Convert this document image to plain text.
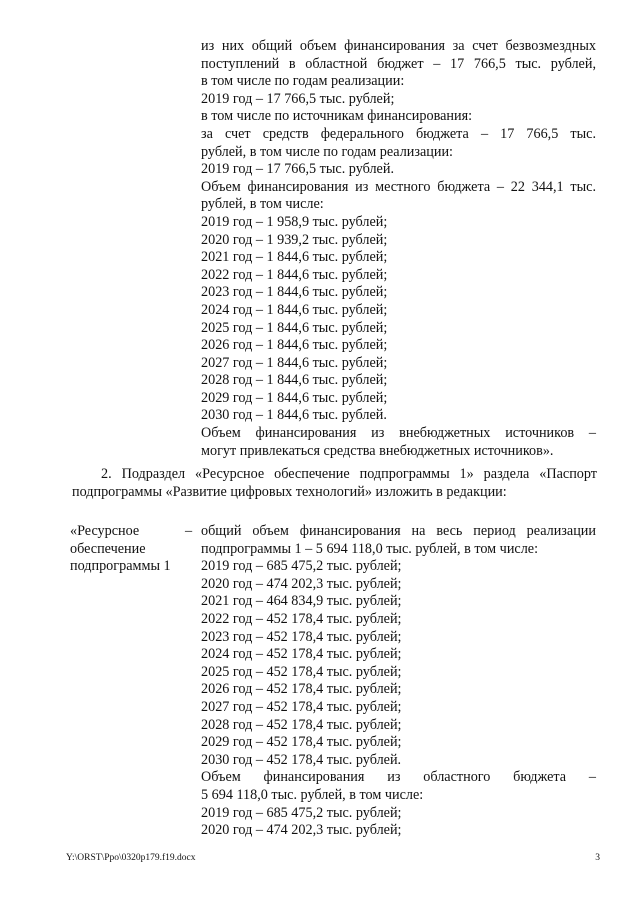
из них общий объем финансирования за счет безвозмездных
поступлений в областной бюджет – 17 766,5 тыс. рублей,
в том числе по годам реализации:
2019 год – 17 766,5 тыс. рублей;
в том числе по источникам финансирования:
за счет средств федерального бюджета – 17 766,5 тыс.
рублей, в том числе по годам реализации:
2019 год – 17 766,5 тыс. рублей.
Объем финансирования из местного бюджета – 22 344,1 тыс.
рублей, в том числе:
2019 год – 1 958,9 тыс. рублей;
2020 год – 1 939,2 тыс. рублей;
2021 год – 1 844,6 тыс. рублей;
2022 год – 1 844,6 тыс. рублей;
2023 год – 1 844,6 тыс. рублей;
2024 год – 1 844,6 тыс. рублей;
2025 год – 1 844,6 тыс. рублей;
2026 год – 1 844,6 тыс. рублей;
2027 год – 1 844,6 тыс. рублей;
2028 год – 1 844,6 тыс. рублей;
2029 год – 1 844,6 тыс. рублей;
2030 год – 1 844,6 тыс. рублей.
Объем финансирования из внебюджетных источников –
могут привлекаться средства внебюджетных источников».
2. Подраздел «Ресурсное обеспечение подпрограммы 1» раздела «Паспорт
подпрограммы «Развитие цифровых технологий» изложить в редакции:
«Ресурсное
обеспечение
подпрограммы 1
– общий объем финансирования на весь период реализации
подпрограммы 1 – 5 694 118,0 тыс. рублей, в том числе:
2019 год – 685 475,2 тыс. рублей;
2020 год – 474 202,3 тыс. рублей;
2021 год – 464 834,9 тыс. рублей;
2022 год – 452 178,4 тыс. рублей;
2023 год – 452 178,4 тыс. рублей;
2024 год – 452 178,4 тыс. рублей;
2025 год – 452 178,4 тыс. рублей;
2026 год – 452 178,4 тыс. рублей;
2027 год – 452 178,4 тыс. рублей;
2028 год – 452 178,4 тыс. рублей;
2029 год – 452 178,4 тыс. рублей;
2030 год – 452 178,4 тыс. рублей.
Объем финансирования из областного бюджета –
5 694 118,0 тыс. рублей, в том числе:
2019 год – 685 475,2 тыс. рублей;
2020 год – 474 202,3 тыс. рублей;
Y:\ORST\Ppo\0320p179.f19.docx	3
